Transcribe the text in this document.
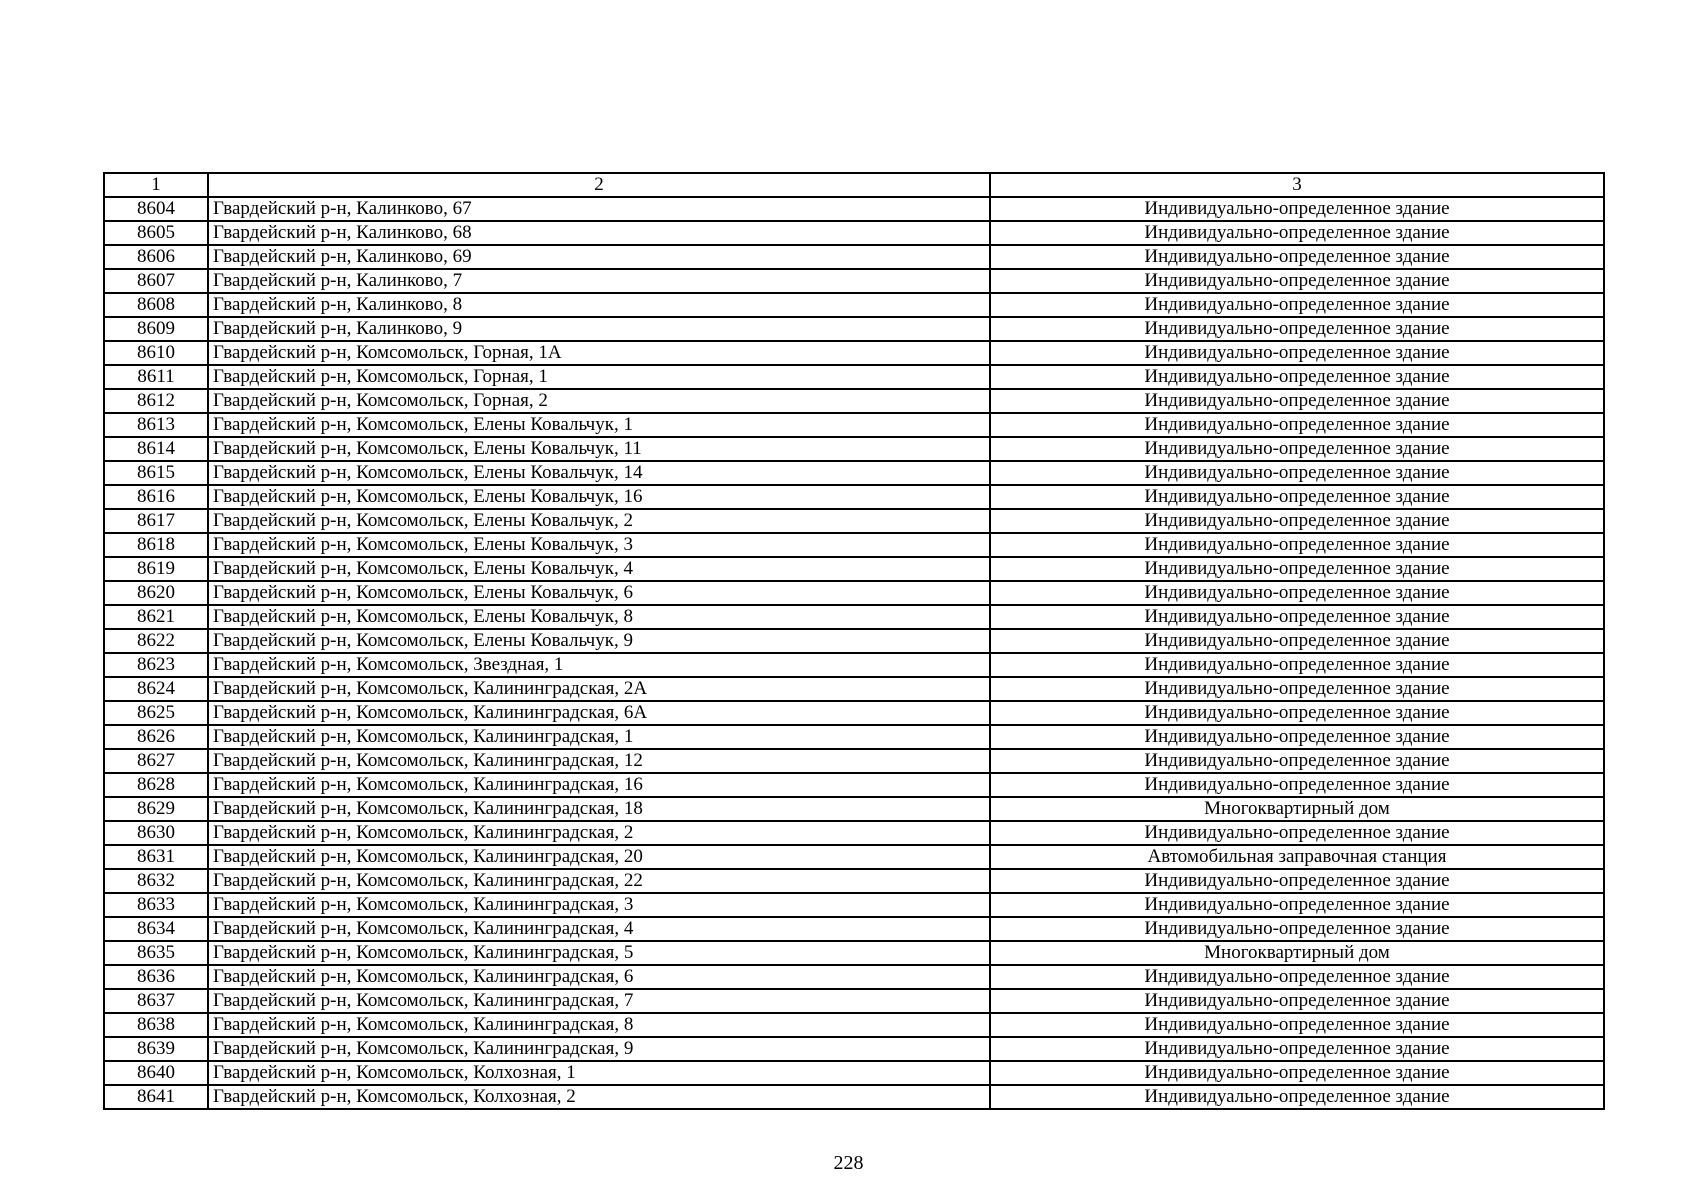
1	2	3
8604	Гвардейский р-н, Калинково, 67	Индивидуально-определенное здание
8605	Гвардейский р-н, Калинково, 68	Индивидуально-определенное здание
8606	Гвардейский р-н, Калинково, 69	Индивидуально-определенное здание
8607	Гвардейский р-н, Калинково, 7	Индивидуально-определенное здание
8608	Гвардейский р-н, Калинково, 8	Индивидуально-определенное здание
8609	Гвардейский р-н, Калинково, 9	Индивидуально-определенное здание
8610	Гвардейский р-н, Комсомольск, Горная, 1А	Индивидуально-определенное здание
8611	Гвардейский р-н, Комсомольск, Горная, 1	Индивидуально-определенное здание
8612	Гвардейский р-н, Комсомольск, Горная, 2	Индивидуально-определенное здание
8613	Гвардейский р-н, Комсомольск, Елены Ковальчук, 1	Индивидуально-определенное здание
8614	Гвардейский р-н, Комсомольск, Елены Ковальчук, 11	Индивидуально-определенное здание
8615	Гвардейский р-н, Комсомольск, Елены Ковальчук, 14	Индивидуально-определенное здание
8616	Гвардейский р-н, Комсомольск, Елены Ковальчук, 16	Индивидуально-определенное здание
8617	Гвардейский р-н, Комсомольск, Елены Ковальчук, 2	Индивидуально-определенное здание
8618	Гвардейский р-н, Комсомольск, Елены Ковальчук, 3	Индивидуально-определенное здание
8619	Гвардейский р-н, Комсомольск, Елены Ковальчук, 4	Индивидуально-определенное здание
8620	Гвардейский р-н, Комсомольск, Елены Ковальчук, 6	Индивидуально-определенное здание
8621	Гвардейский р-н, Комсомольск, Елены Ковальчук, 8	Индивидуально-определенное здание
8622	Гвардейский р-н, Комсомольск, Елены Ковальчук, 9	Индивидуально-определенное здание
8623	Гвардейский р-н, Комсомольск, Звездная, 1	Индивидуально-определенное здание
8624	Гвардейский р-н, Комсомольск, Калининградская, 2А	Индивидуально-определенное здание
8625	Гвардейский р-н, Комсомольск, Калининградская, 6А	Индивидуально-определенное здание
8626	Гвардейский р-н, Комсомольск, Калининградская, 1	Индивидуально-определенное здание
8627	Гвардейский р-н, Комсомольск, Калининградская, 12	Индивидуально-определенное здание
8628	Гвардейский р-н, Комсомольск, Калининградская, 16	Индивидуально-определенное здание
8629	Гвардейский р-н, Комсомольск, Калининградская, 18	Многоквартирный дом
8630	Гвардейский р-н, Комсомольск, Калининградская, 2	Индивидуально-определенное здание
8631	Гвардейский р-н, Комсомольск, Калининградская, 20	Автомобильная заправочная станция
8632	Гвардейский р-н, Комсомольск, Калининградская, 22	Индивидуально-определенное здание
8633	Гвардейский р-н, Комсомольск, Калининградская, 3	Индивидуально-определенное здание
8634	Гвардейский р-н, Комсомольск, Калининградская, 4	Индивидуально-определенное здание
8635	Гвардейский р-н, Комсомольск, Калининградская, 5	Многоквартирный дом
8636	Гвардейский р-н, Комсомольск, Калининградская, 6	Индивидуально-определенное здание
8637	Гвардейский р-н, Комсомольск, Калининградская, 7	Индивидуально-определенное здание
8638	Гвардейский р-н, Комсомольск, Калининградская, 8	Индивидуально-определенное здание
8639	Гвардейский р-н, Комсомольск, Калининградская, 9	Индивидуально-определенное здание
8640	Гвардейский р-н, Комсомольск, Колхозная, 1	Индивидуально-определенное здание
8641	Гвардейский р-н, Комсомольск, Колхозная, 2	Индивидуально-определенное здание
228
